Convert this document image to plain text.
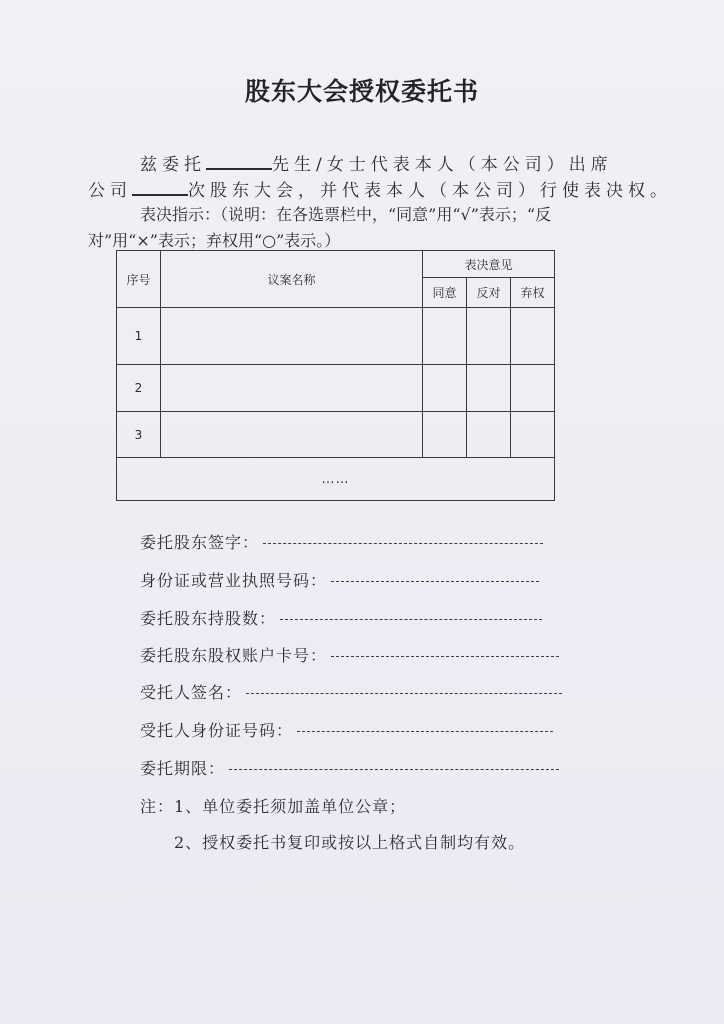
股东大会授权委托书
兹委托	先生/女士代表本人（本公司）出席
公司	次股东大会，并代表本人（本公司）行使表决权。
表决指示：（说明：在各选票栏中，“同意”用“√”表示；“反
对”用“×”表示；弃权用“○”表示。）
序号	议案名称	表决意见		
		同意	反对	弃权
1				
2				
3				
……				
委托股东签字：
身份证或营业执照号码：
委托股东持股数：
委托股东股权账户卡号：
受托人签名：
受托人身份证号码：
委托期限：
注：1、单位委托须加盖单位公章；
2、授权委托书复印或按以上格式自制均有效。
